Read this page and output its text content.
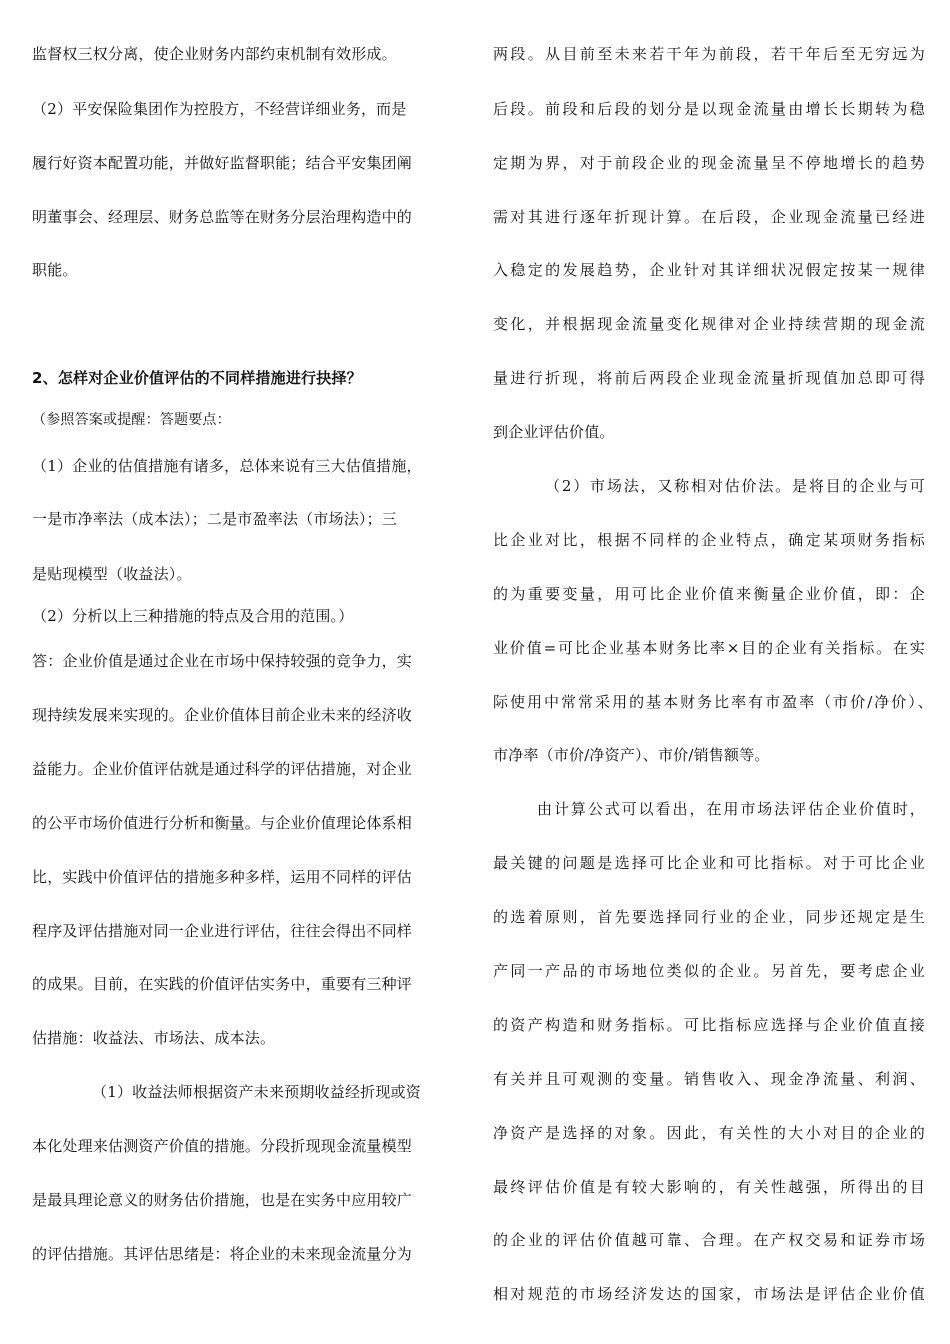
监督权三权分离，使企业财务内部约束机制有效形成。
（2）平安保险集团作为控股方，不经营详细业务，而是
履行好资本配置功能，并做好监督职能；结合平安集团阐
明董事会、经理层、财务总监等在财务分层治理构造中的
职能。
2、怎样对企业价值评估的不同样措施进行抉择？
（参照答案或提醒：答题要点：
（1）企业的估值措施有诸多，总体来说有三大估值措施，
一是市净率法（成本法）；二是市盈率法（市场法）；三
是贴现模型（收益法）。
（2）分析以上三种措施的特点及合用的范围。）
答：企业价值是通过企业在市场中保持较强的竞争力，实
现持续发展来实现的。企业价值体目前企业未来的经济收
益能力。企业价值评估就是通过科学的评估措施，对企业
的公平市场价值进行分析和衡量。与企业价值理论体系相
比，实践中价值评估的措施多种多样，运用不同样的评估
程序及评估措施对同一企业进行评估，往往会得出不同样
的成果。目前，在实践的价值评估实务中，重要有三种评
估措施：收益法、市场法、成本法。
（1）收益法师根据资产未来预期收益经折现或资
本化处理来估测资产价值的措施。分段折现现金流量模型
是最具理论意义的财务估价措施，也是在实务中应用较广
的评估措施。其评估思绪是：将企业的未来现金流量分为
两段。从目前至未来若干年为前段，若干年后至无穷远为
后段。前段和后段的划分是以现金流量由增长长期转为稳
定期为界，对于前段企业的现金流量呈不停地增长的趋势
需对其进行逐年折现计算。在后段，企业现金流量已经进
入稳定的发展趋势，企业针对其详细状况假定按某一规律
变化，并根据现金流量变化规律对企业持续营期的现金流
量进行折现，将前后两段企业现金流量折现值加总即可得
到企业评估价值。
（2）市场法，又称相对估价法。是将目的企业与可
比企业对比，根据不同样的企业特点，确定某项财务指标
的为重要变量，用可比企业价值来衡量企业价值，即：企
业价值=可比企业基本财务比率×目的企业有关指标。在实
际使用中常常采用的基本财务比率有市盈率（市价/净价）、
市净率（市价/净资产）、市价/销售额等。
由计算公式可以看出，在用市场法评估企业价值时，
最关键的问题是选择可比企业和可比指标。对于可比企业
的选着原则，首先要选择同行业的企业，同步还规定是生
产同一产品的市场地位类似的企业。另首先，要考虑企业
的资产构造和财务指标。可比指标应选择与企业价值直接
有关并且可观测的变量。销售收入、现金净流量、利润、
净资产是选择的对象。因此，有关性的大小对目的企业的
最终评估价值是有较大影响的，有关性越强，所得出的目
的企业的评估价值越可靠、合理。在产权交易和证券市场
相对规范的市场经济发达的国家，市场法是评估企业价值
